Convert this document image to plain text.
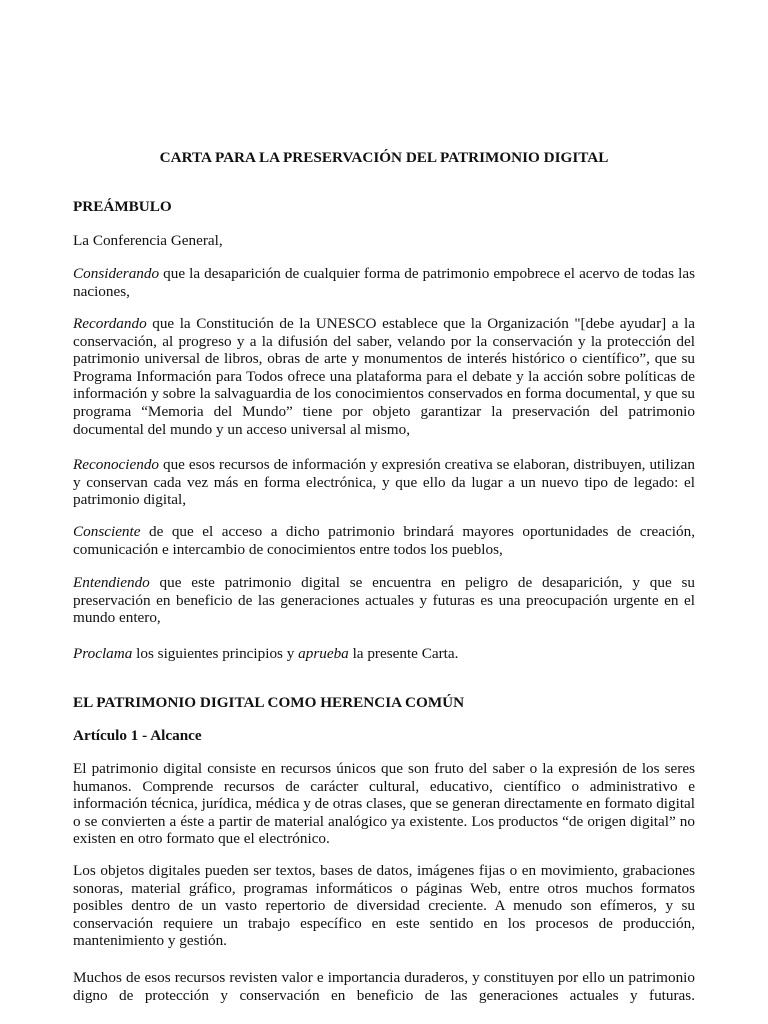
CARTA PARA LA PRESERVACIÓN DEL PATRIMONIO DIGITAL

PREÁMBULO

La Conferencia General,

Considerando que la desaparición de cualquier forma de patrimonio empobrece el acervo de todas las naciones,

Recordando que la Constitución de la UNESCO establece que la Organización "[debe ayudar] a la conservación, al progreso y a la difusión del saber, velando por la conservación y la protección del patrimonio universal de libros, obras de arte y monumentos de interés histórico o científico”, que su Programa Información para Todos ofrece una plataforma para el debate y la acción sobre políticas de información y sobre la salvaguardia de los conocimientos conservados en forma documental, y que su programa “Memoria del Mundo” tiene por objeto garantizar la preservación del patrimonio documental del mundo y un acceso universal al mismo,

Reconociendo que esos recursos de información y expresión creativa se elaboran, distribuyen, utilizan y conservan cada vez más en forma electrónica, y que ello da lugar a un nuevo tipo de legado: el patrimonio digital,

Consciente de que el acceso a dicho patrimonio brindará mayores oportunidades de creación, comunicación e intercambio de conocimientos entre todos los pueblos,

Entendiendo que este patrimonio digital se encuentra en peligro de desaparición, y que su preservación en beneficio de las generaciones actuales y futuras es una preocupación urgente en el mundo entero,

Proclama los siguientes principios y aprueba la presente Carta.

EL PATRIMONIO DIGITAL COMO HERENCIA COMÚN

Artículo 1 - Alcance

El patrimonio digital consiste en recursos únicos que son fruto del saber o la expresión de los seres humanos. Comprende recursos de carácter cultural, educativo, científico o administrativo e información técnica, jurídica, médica y de otras clases, que se generan directamente en formato digital o se convierten a éste a partir de material analógico ya existente. Los productos “de origen digital” no existen en otro formato que el electrónico.

Los objetos digitales pueden ser textos, bases de datos, imágenes fijas o en movimiento, grabaciones sonoras, material gráfico, programas informáticos o páginas Web, entre otros muchos formatos posibles dentro de un vasto repertorio de diversidad creciente. A menudo son efímeros, y su conservación requiere un trabajo específico en este sentido en los procesos de producción, mantenimiento y gestión.

Muchos de esos recursos revisten valor e importancia duraderos, y constituyen por ello un patrimonio digno de protección y conservación en beneficio de las generaciones actuales y futuras.
